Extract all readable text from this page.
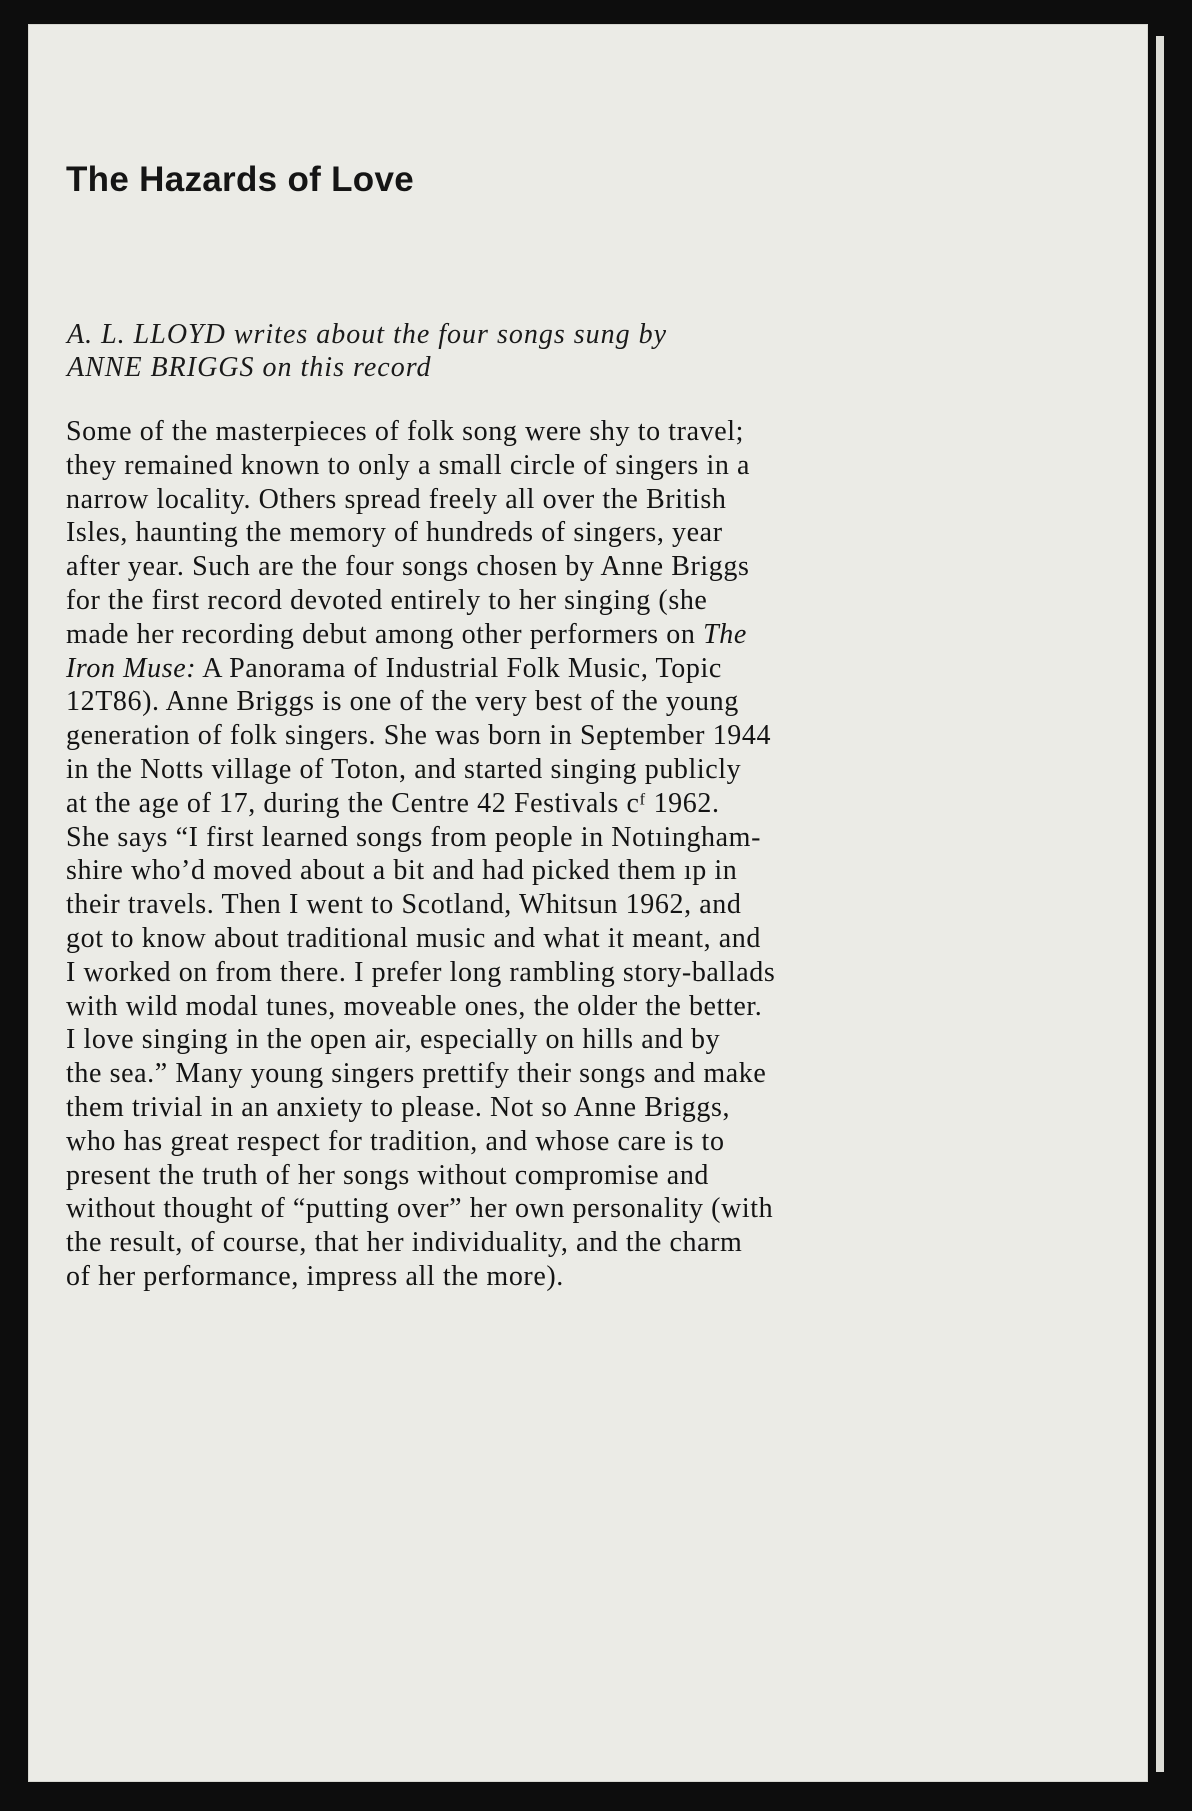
The Hazards of Love

A. L. LLOYD writes about the four songs sung by
ANNE BRIGGS on this record

Some of the masterpieces of folk song were shy to travel;
they remained known to only a small circle of singers in a
narrow locality. Others spread freely all over the British
Isles, haunting the memory of hundreds of singers, year
after year. Such are the four songs chosen by Anne Briggs
for the first record devoted entirely to her singing (she
made her recording debut among other performers on The
Iron Muse: A Panorama of Industrial Folk Music, Topic
12T86). Anne Briggs is one of the very best of the young
generation of folk singers. She was born in September 1944
in the Notts village of Toton, and started singing publicly
at the age of 17, during the Centre 42 Festivals cᶠ 1962.
She says “I first learned songs from people in Notıingham-
shire who’d moved about a bit and had picked them ıp in
their travels. Then I went to Scotland, Whitsun 1962, and
got to know about traditional music and what it meant, and
I worked on from there. I prefer long rambling story-ballads
with wild modal tunes, moveable ones, the older the better.
I love singing in the open air, especially on hills and by
the sea.” Many young singers prettify their songs and make
them trivial in an anxiety to please. Not so Anne Briggs,
who has great respect for tradition, and whose care is to
present the truth of her songs without compromise and
without thought of “putting over” her own personality (with
the result, of course, that her individuality, and the charm
of her performance, impress all the more).
